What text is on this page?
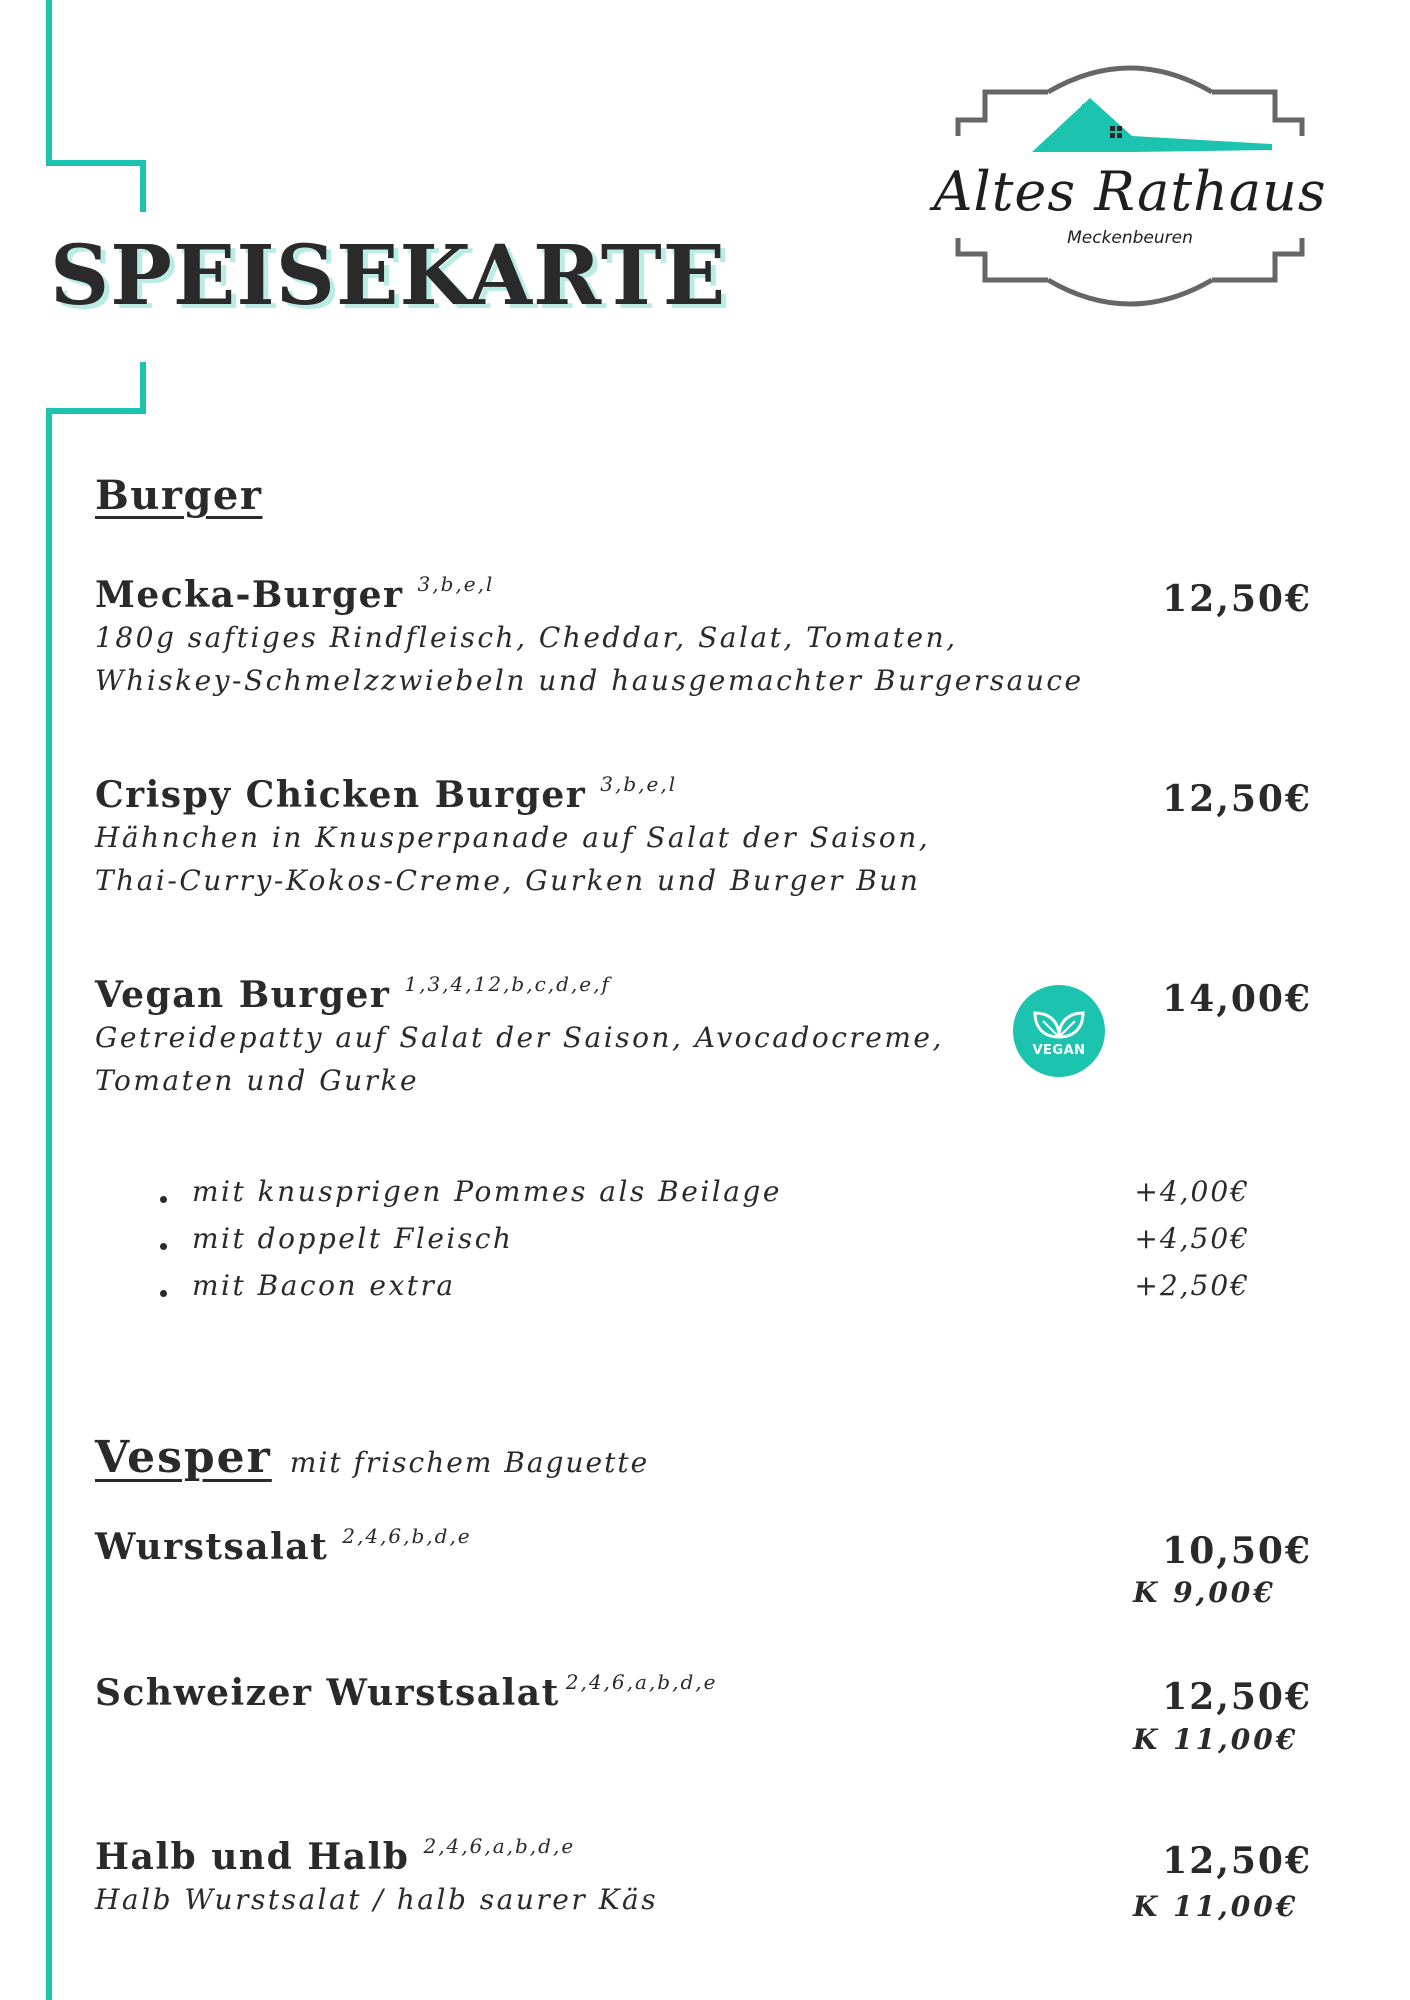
SPEISEKARTE
Altes Rathaus
Meckenbeuren
Burger
Mecka-Burger 3,b,e,l
180g saftiges Rindfleisch, Cheddar, Salat, Tomaten,
Whiskey-Schmelzzwiebeln und hausgemachter Burgersauce
12,50€
Crispy Chicken Burger 3,b,e,l
Hähnchen in Knusperpanade auf Salat der Saison,
Thai-Curry-Kokos-Creme, Gurken und Burger Bun
12,50€
Vegan Burger 1,3,4,12,b,c,d,e,f
Getreidepatty auf Salat der Saison, Avocadocreme,
Tomaten und Gurke
14,00€
VEGAN
mit knusprigen Pommes als Beilage	+4,00€
mit doppelt Fleisch	+4,50€
mit Bacon extra	+2,50€
Vesper mit frischem Baguette
Wurstsalat 2,4,6,b,d,e	10,50€
K 9,00€
Schweizer Wurstsalat 2,4,6,a,b,d,e	12,50€
K 11,00€
Halb und Halb 2,4,6,a,b,d,e
Halb Wurstsalat / halb saurer Käs
12,50€
K 11,00€
